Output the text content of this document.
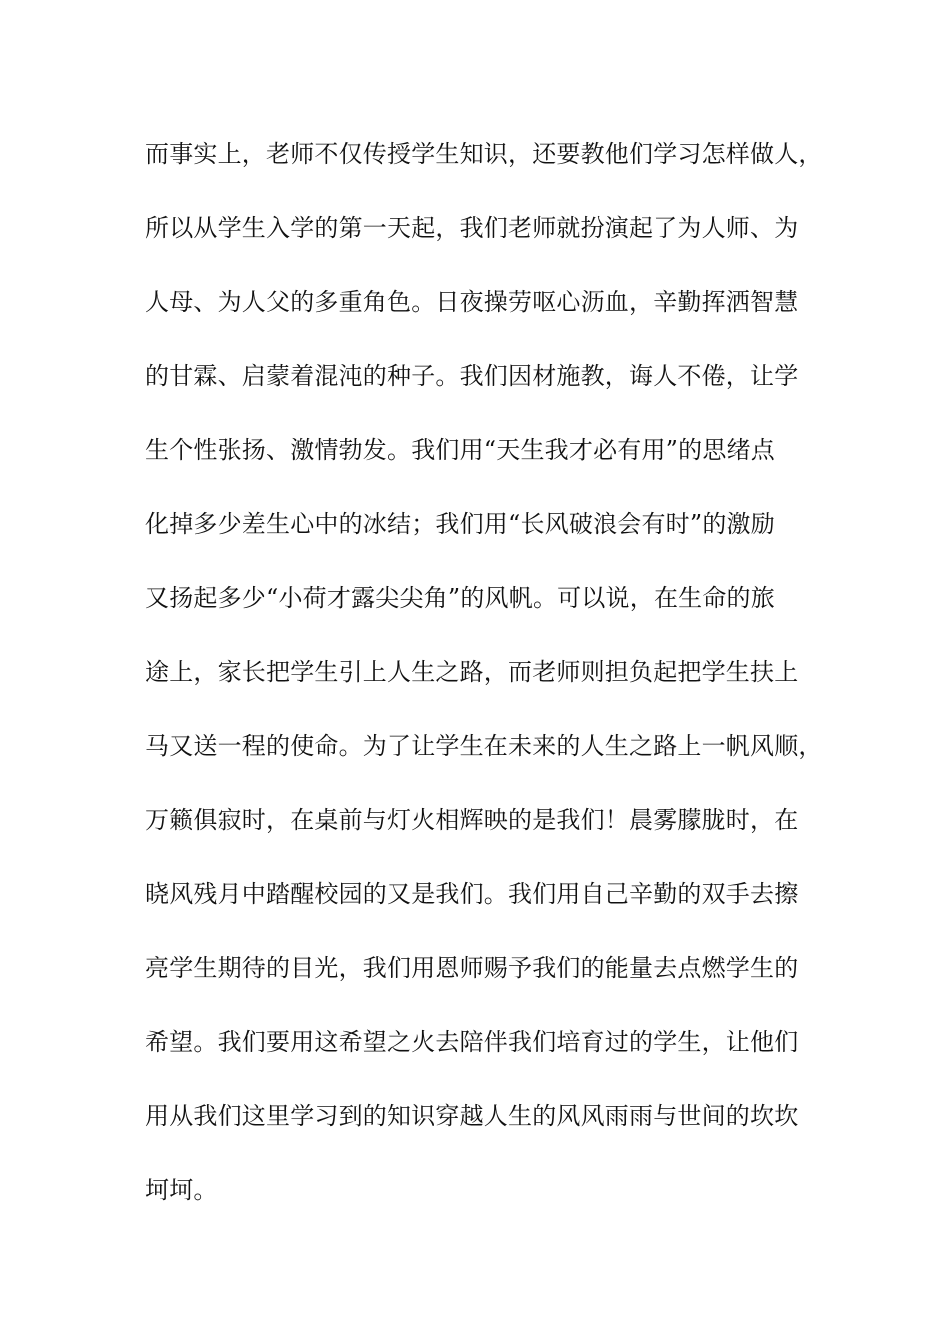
而事实上，老师不仅传授学生知识，还要教他们学习怎样做人，
所以从学生入学的第一天起，我们老师就扮演起了为人师、为
人母、为人父的多重角色。日夜操劳呕心沥血，辛勤挥洒智慧
的甘霖、启蒙着混沌的种子。我们因材施教，诲人不倦，让学
生个性张扬、激情勃发。我们用“天生我才必有用”的思绪点
化掉多少差生心中的冰结；我们用“长风破浪会有时”的激励
又扬起多少“小荷才露尖尖角”的风帆。可以说，在生命的旅
途上，家长把学生引上人生之路，而老师则担负起把学生扶上
马又送一程的使命。为了让学生在未来的人生之路上一帆风顺，
万籁俱寂时，在桌前与灯火相辉映的是我们！晨雾朦胧时，在
晓风残月中踏醒校园的又是我们。我们用自己辛勤的双手去擦
亮学生期待的目光，我们用恩师赐予我们的能量去点燃学生的
希望。我们要用这希望之火去陪伴我们培育过的学生，让他们
用从我们这里学习到的知识穿越人生的风风雨雨与世间的坎坎
坷坷。
